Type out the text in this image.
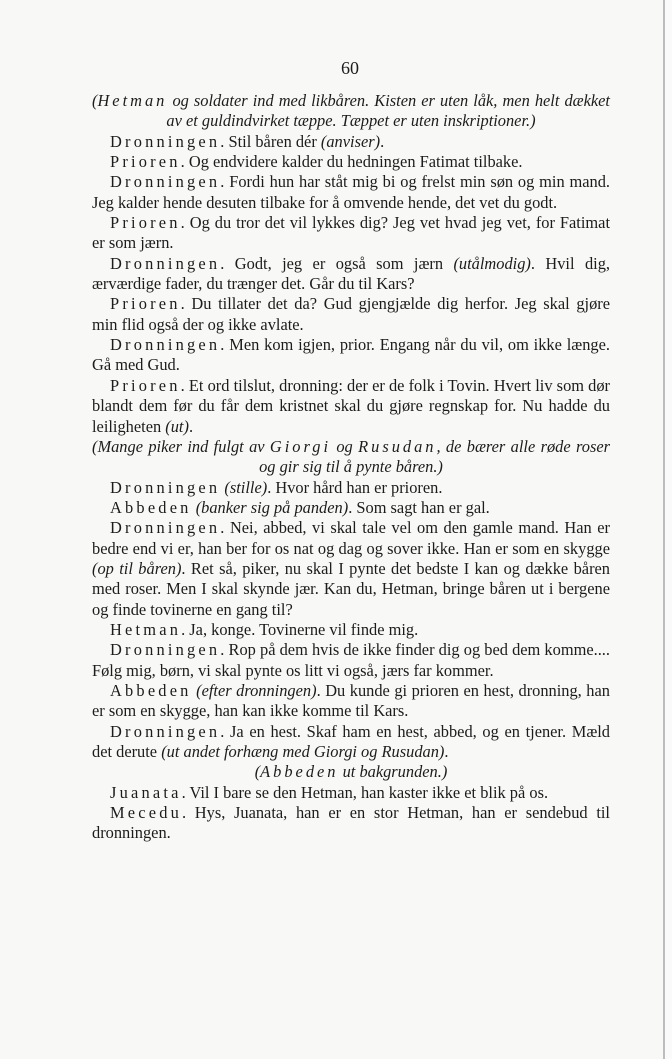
60

(Hetman og soldater ind med likbåren. Kisten er uten låk, men helt dækket av et guldindvirket tæppe. Tæppet er uten inskriptioner.)

Dronningen. Stil båren dér (anviser).

Prioren. Og endvidere kalder du hedningen Fatimat tilbake.

Dronningen. Fordi hun har ståt mig bi og frelst min søn og min mand. Jeg kalder hende desuten tilbake for å omvende hende, det vet du godt.

Prioren. Og du tror det vil lykkes dig? Jeg vet hvad jeg vet, for Fatimat er som jærn.

Dronningen. Godt, jeg er også som jærn (utålmodig). Hvil dig, ærværdige fader, du trænger det. Går du til Kars?

Prioren. Du tillater det da? Gud gjengjælde dig herfor. Jeg skal gjøre min flid også der og ikke avlate.

Dronningen. Men kom igjen, prior. Engang når du vil, om ikke længe. Gå med Gud.

Prioren. Et ord tilslut, dronning: der er de folk i Tovin. Hvert liv som dør blandt dem før du får dem kristnet skal du gjøre regnskap for. Nu hadde du leiligheten (ut).

(Mange piker ind fulgt av Giorgi og Rusudan, de bærer alle røde roser og gir sig til å pynte båren.)

Dronningen (stille). Hvor hård han er prioren.

Abbeden (banker sig på panden). Som sagt han er gal.

Dronningen. Nei, abbed, vi skal tale vel om den gamle mand. Han er bedre end vi er, han ber for os nat og dag og sover ikke. Han er som en skygge (op til båren). Ret så, piker, nu skal I pynte det bedste I kan og dække båren med roser. Men I skal skynde jær. Kan du, Hetman, bringe båren ut i bergene og finde tovinerne en gang til?

Hetman. Ja, konge. Tovinerne vil finde mig.

Dronningen. Rop på dem hvis de ikke finder dig og bed dem komme.... Følg mig, børn, vi skal pynte os litt vi også, jærs far kommer.

Abbeden (efter dronningen). Du kunde gi prioren en hest, dronning, han er som en skygge, han kan ikke komme til Kars.

Dronningen. Ja en hest. Skaf ham en hest, abbed, og en tjener. Mæld det derute (ut andet forhæng med Giorgi og Rusudan).

(Abbeden ut bakgrunden.)

Juanata. Vil I bare se den Hetman, han kaster ikke et blik på os.

Mecedu. Hys, Juanata, han er en stor Hetman, han er sendebud til dronningen.
